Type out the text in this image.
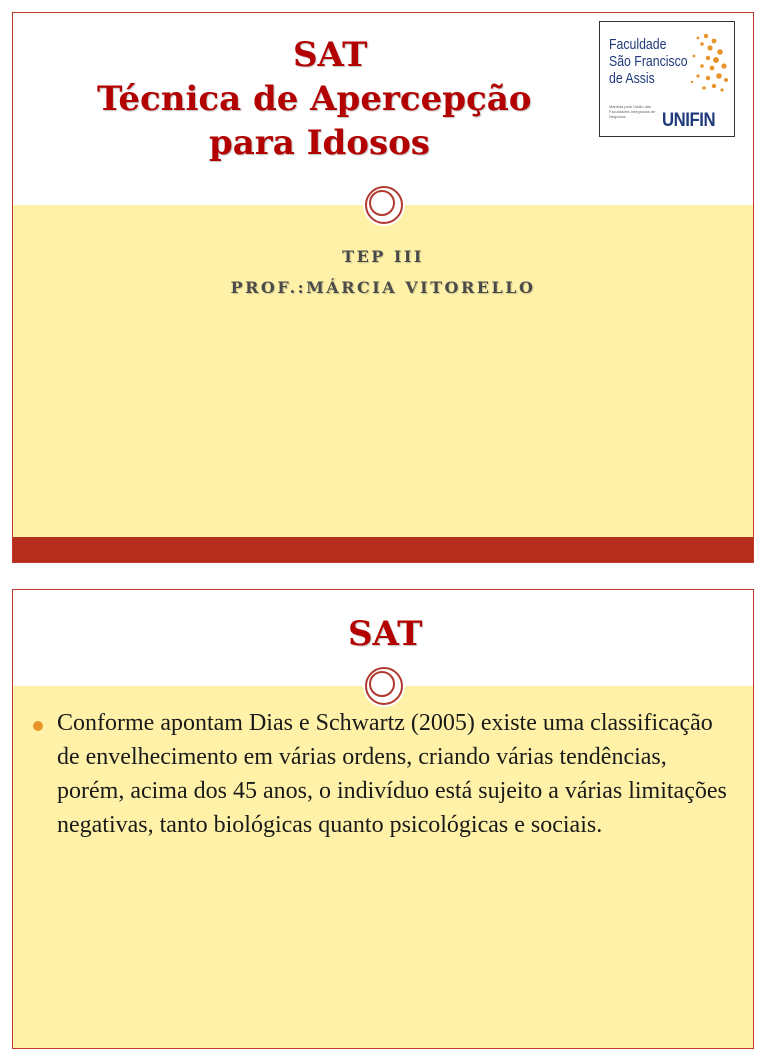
SAT
Técnica de Apercepção
para Idosos
Faculdade
São Francisco
de Assis
Mantida pela União das Faculdades Integradas de Negócios	UNIFIN
TEP III
PROF.:MÁRCIA VITORELLO
SAT
Conforme apontam Dias e Schwartz (2005) existe uma classificação de envelhecimento em várias ordens, criando várias tendências, porém, acima dos 45 anos, o indivíduo está sujeito a várias limitações negativas, tanto biológicas quanto psicológicas e sociais.
